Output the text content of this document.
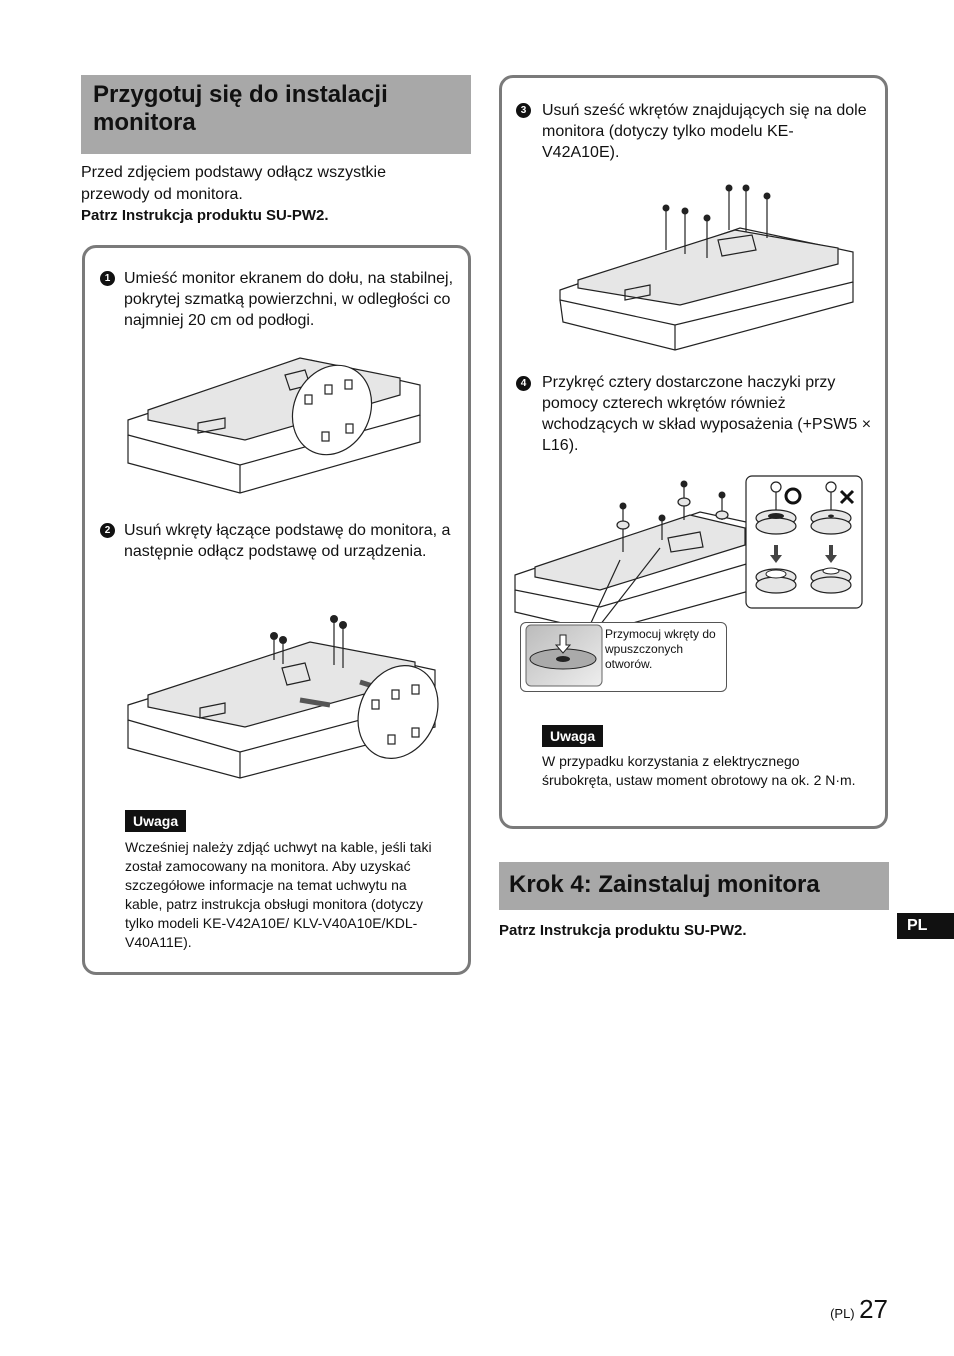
Przygotuj się do instalacji monitora
Przed zdjęciem podstawy odłącz wszystkie przewody od monitora.
Patrz Instrukcja produktu SU-PW2.
1 Umieść monitor ekranem do dołu, na stabilnej, pokrytej szmatką powierzchni, w odległości co najmniej 20 cm od podłogi.
2 Usuń wkręty łączące podstawę do monitora, a następnie odłącz podstawę od urządzenia.
Uwaga
Wcześniej należy zdjąć uchwyt na kable, jeśli taki został zamocowany na monitora. Aby uzyskać szczegółowe informacje na temat uchwytu na kable, patrz instrukcja obsługi monitora (dotyczy tylko modeli KE-V42A10E/ KLV-V40A10E/KDL-V40A11E).
3 Usuń sześć wkrętów znajdujących się na dole monitora (dotyczy tylko modelu KE-V42A10E).
4 Przykręć cztery dostarczone haczyki przy pomocy czterech wkrętów również wchodzących w skład wyposażenia (+PSW5 × L16).
Przymocuj wkręty do wpuszczonych otworów.
Uwaga
W przypadku korzystania z elektrycznego śrubokręta, ustaw moment obrotowy na ok. 2 N·m.
Krok 4: Zainstaluj monitora
Patrz Instrukcja produktu SU-PW2.	PL
(PL) 27
